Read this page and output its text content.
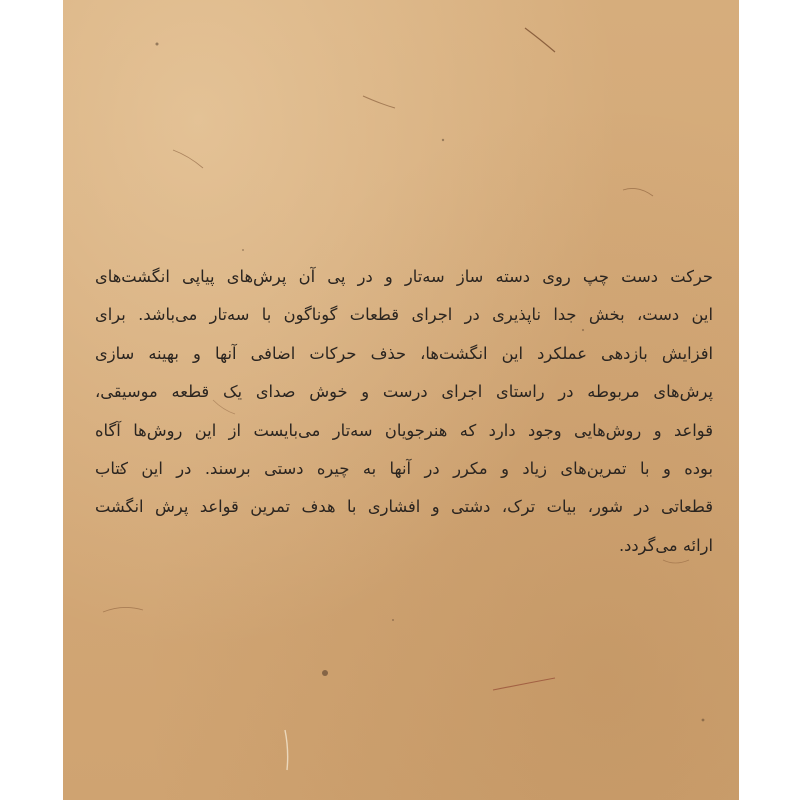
حرکت دست چپ روی دسته ساز سه‌تار و در پی آن پرش‌های پیاپی انگشت‌های
این دست، بخش جدا ناپذیری در اجرای قطعات گوناگون با سه‌تار می‌باشد. برای
افزایش بازدهی عملکرد این انگشت‌ها، حذف حرکات اضافی آنها و بهینه سازی
پرش‌های مربوطه در راستای اجرای درست و خوش صدای یک قطعه موسیقی،
قواعد و روش‌هایی وجود دارد که هنرجویان سه‌تار می‌بایست از این روش‌ها آگاه
بوده و با تمرین‌های زیاد و مکرر در آنها به چیره دستی برسند. در این کتاب
قطعاتی در شور، بیات ترک، دشتی و افشاری با هدف تمرین قواعد پرش انگشت
ارائه می‌گردد.
